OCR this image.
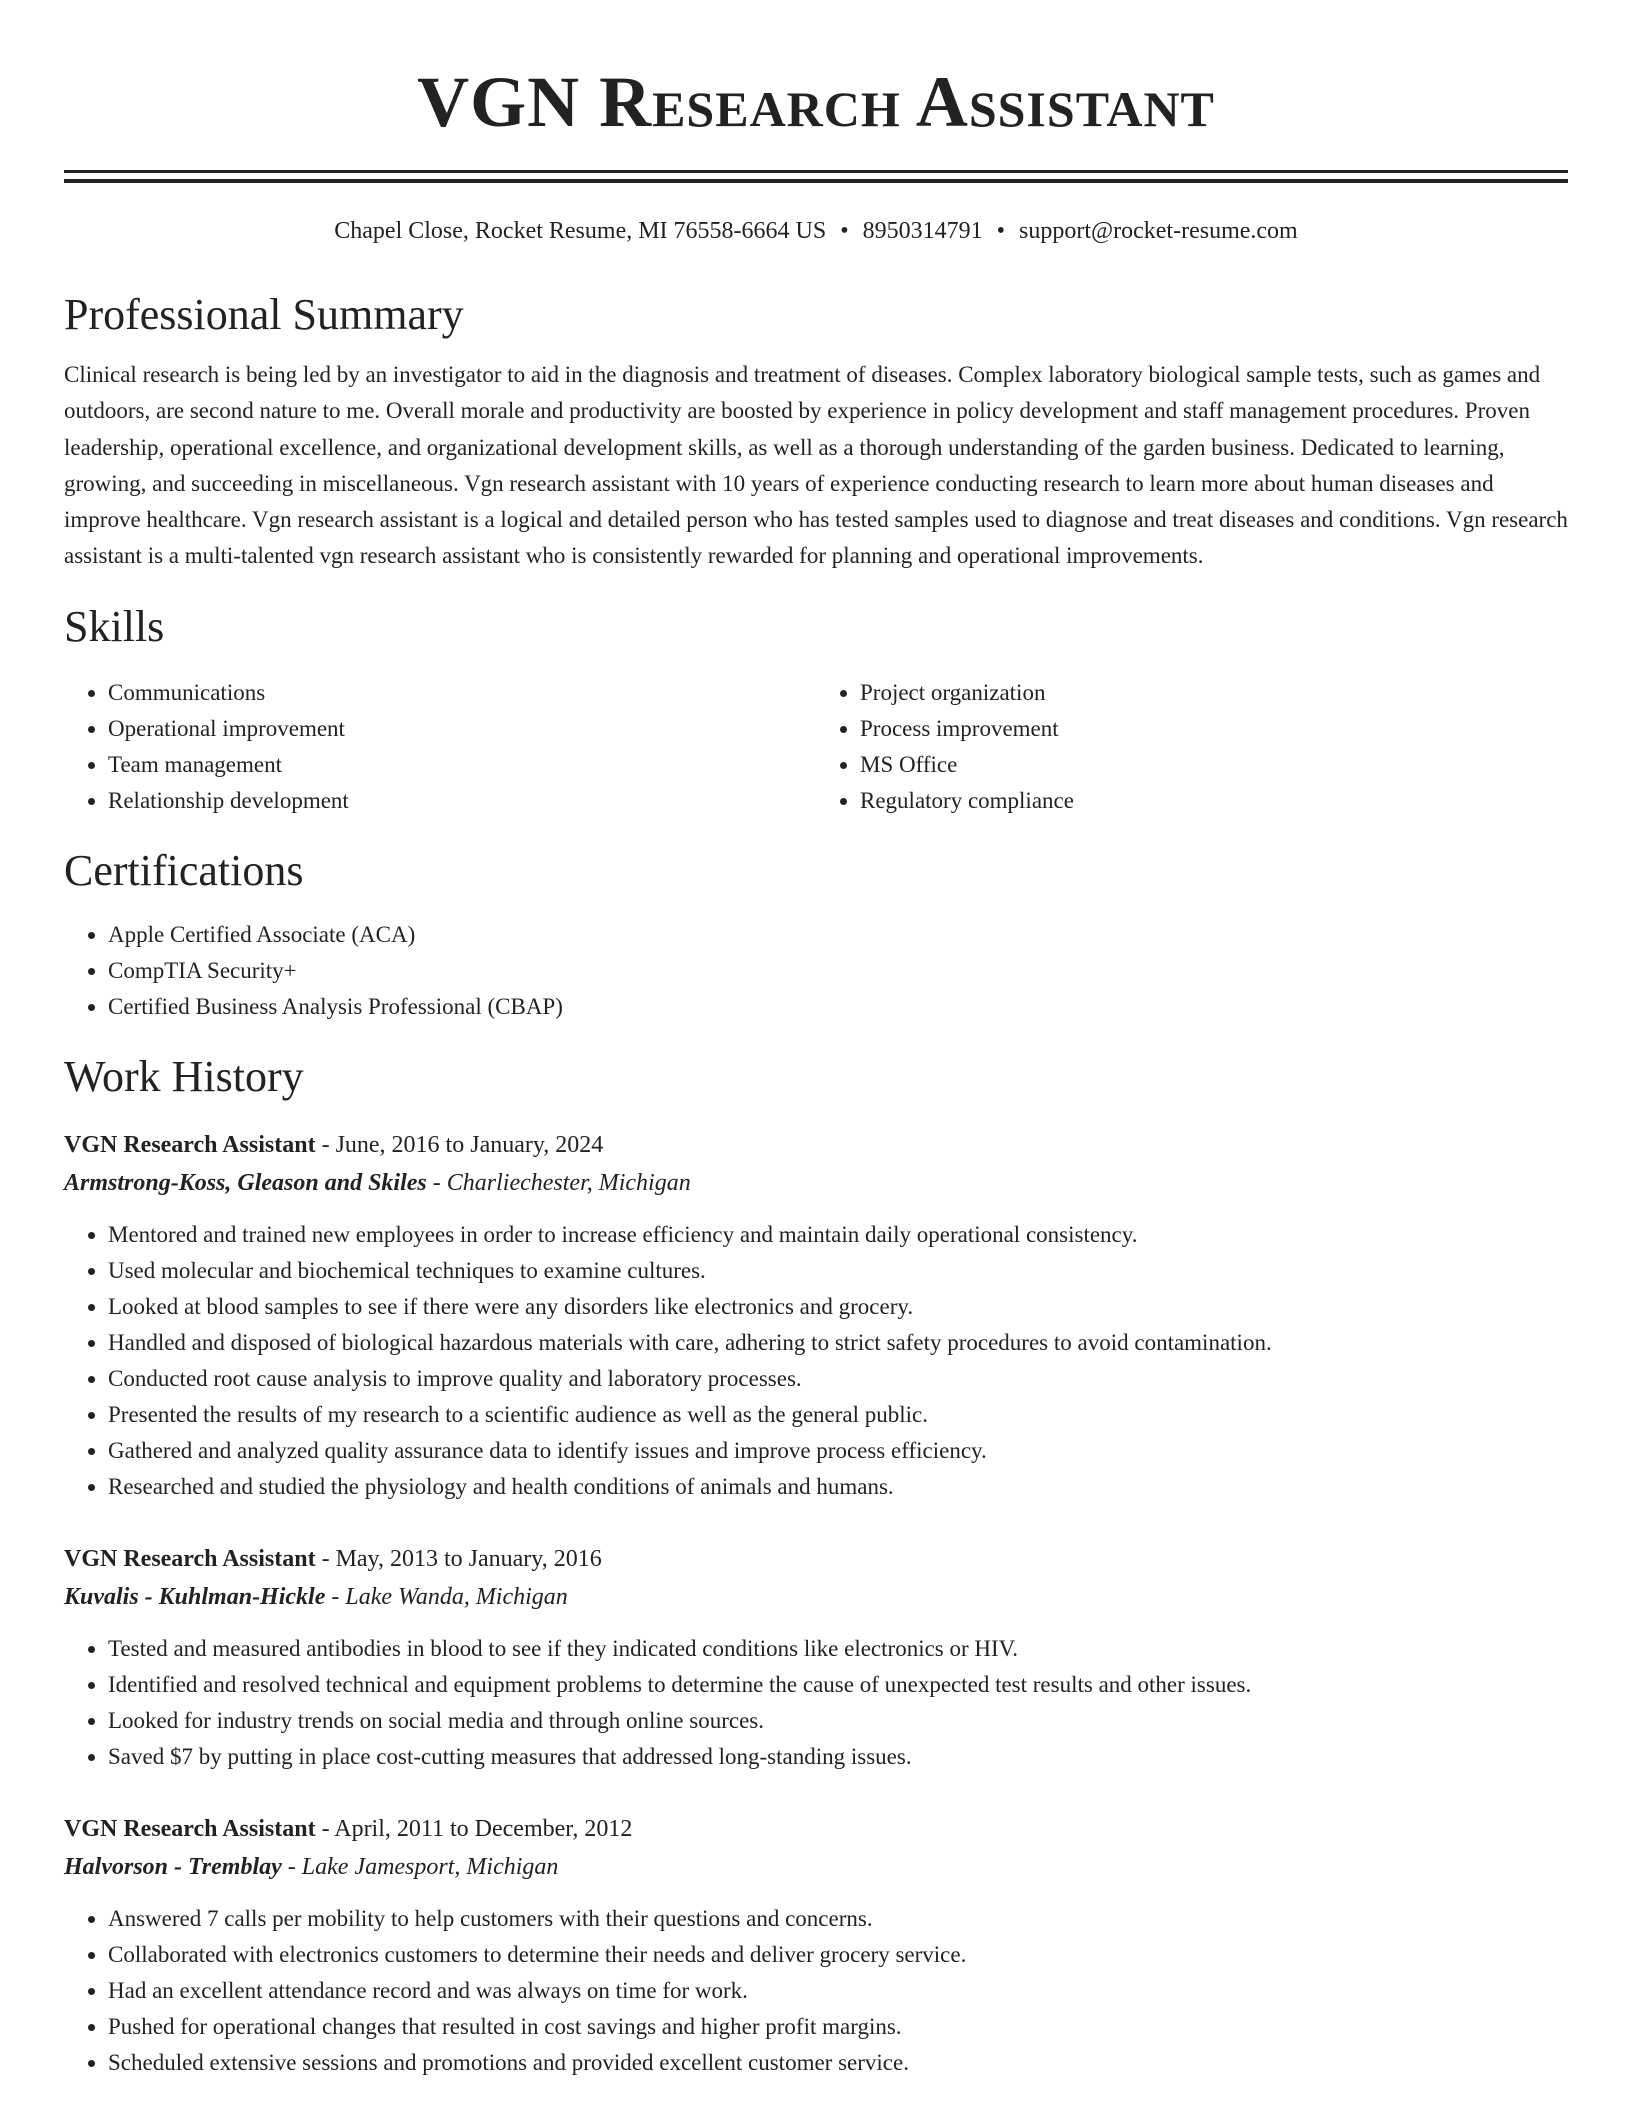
VGN Research Assistant
Chapel Close, Rocket Resume, MI 76558-6664 US • 8950314791 • support@rocket-resume.com
Professional Summary

Clinical research is being led by an investigator to aid in the diagnosis and treatment of diseases. Complex laboratory biological sample tests, such as games and outdoors, are second nature to me. Overall morale and productivity are boosted by experience in policy development and staff management procedures. Proven leadership, operational excellence, and organizational development skills, as well as a thorough understanding of the garden business. Dedicated to learning, growing, and succeeding in miscellaneous. Vgn research assistant with 10 years of experience conducting research to learn more about human diseases and improve healthcare. Vgn research assistant is a logical and detailed person who has tested samples used to diagnose and treat diseases and conditions. Vgn research assistant is a multi-talented vgn research assistant who is consistently rewarded for planning and operational improvements.

Skills
• Communications
• Operational improvement
• Team management
• Relationship development
• Project organization
• Process improvement
• MS Office
• Regulatory compliance
Certifications
• Apple Certified Associate (ACA)
• CompTIA Security+
• Certified Business Analysis Professional (CBAP)
Work History
VGN Research Assistant - June, 2016 to January, 2024
Armstrong-Koss, Gleason and Skiles - Charliechester, Michigan
• Mentored and trained new employees in order to increase efficiency and maintain daily operational consistency.
• Used molecular and biochemical techniques to examine cultures.
• Looked at blood samples to see if there were any disorders like electronics and grocery.
• Handled and disposed of biological hazardous materials with care, adhering to strict safety procedures to avoid contamination.
• Conducted root cause analysis to improve quality and laboratory processes.
• Presented the results of my research to a scientific audience as well as the general public.
• Gathered and analyzed quality assurance data to identify issues and improve process efficiency.
• Researched and studied the physiology and health conditions of animals and humans.
VGN Research Assistant - May, 2013 to January, 2016
Kuvalis - Kuhlman-Hickle - Lake Wanda, Michigan
• Tested and measured antibodies in blood to see if they indicated conditions like electronics or HIV.
• Identified and resolved technical and equipment problems to determine the cause of unexpected test results and other issues.
• Looked for industry trends on social media and through online sources.
• Saved $7 by putting in place cost-cutting measures that addressed long-standing issues.
VGN Research Assistant - April, 2011 to December, 2012
Halvorson - Tremblay - Lake Jamesport, Michigan
• Answered 7 calls per mobility to help customers with their questions and concerns.
• Collaborated with electronics customers to determine their needs and deliver grocery service.
• Had an excellent attendance record and was always on time for work.
• Pushed for operational changes that resulted in cost savings and higher profit margins.
• Scheduled extensive sessions and promotions and provided excellent customer service.
